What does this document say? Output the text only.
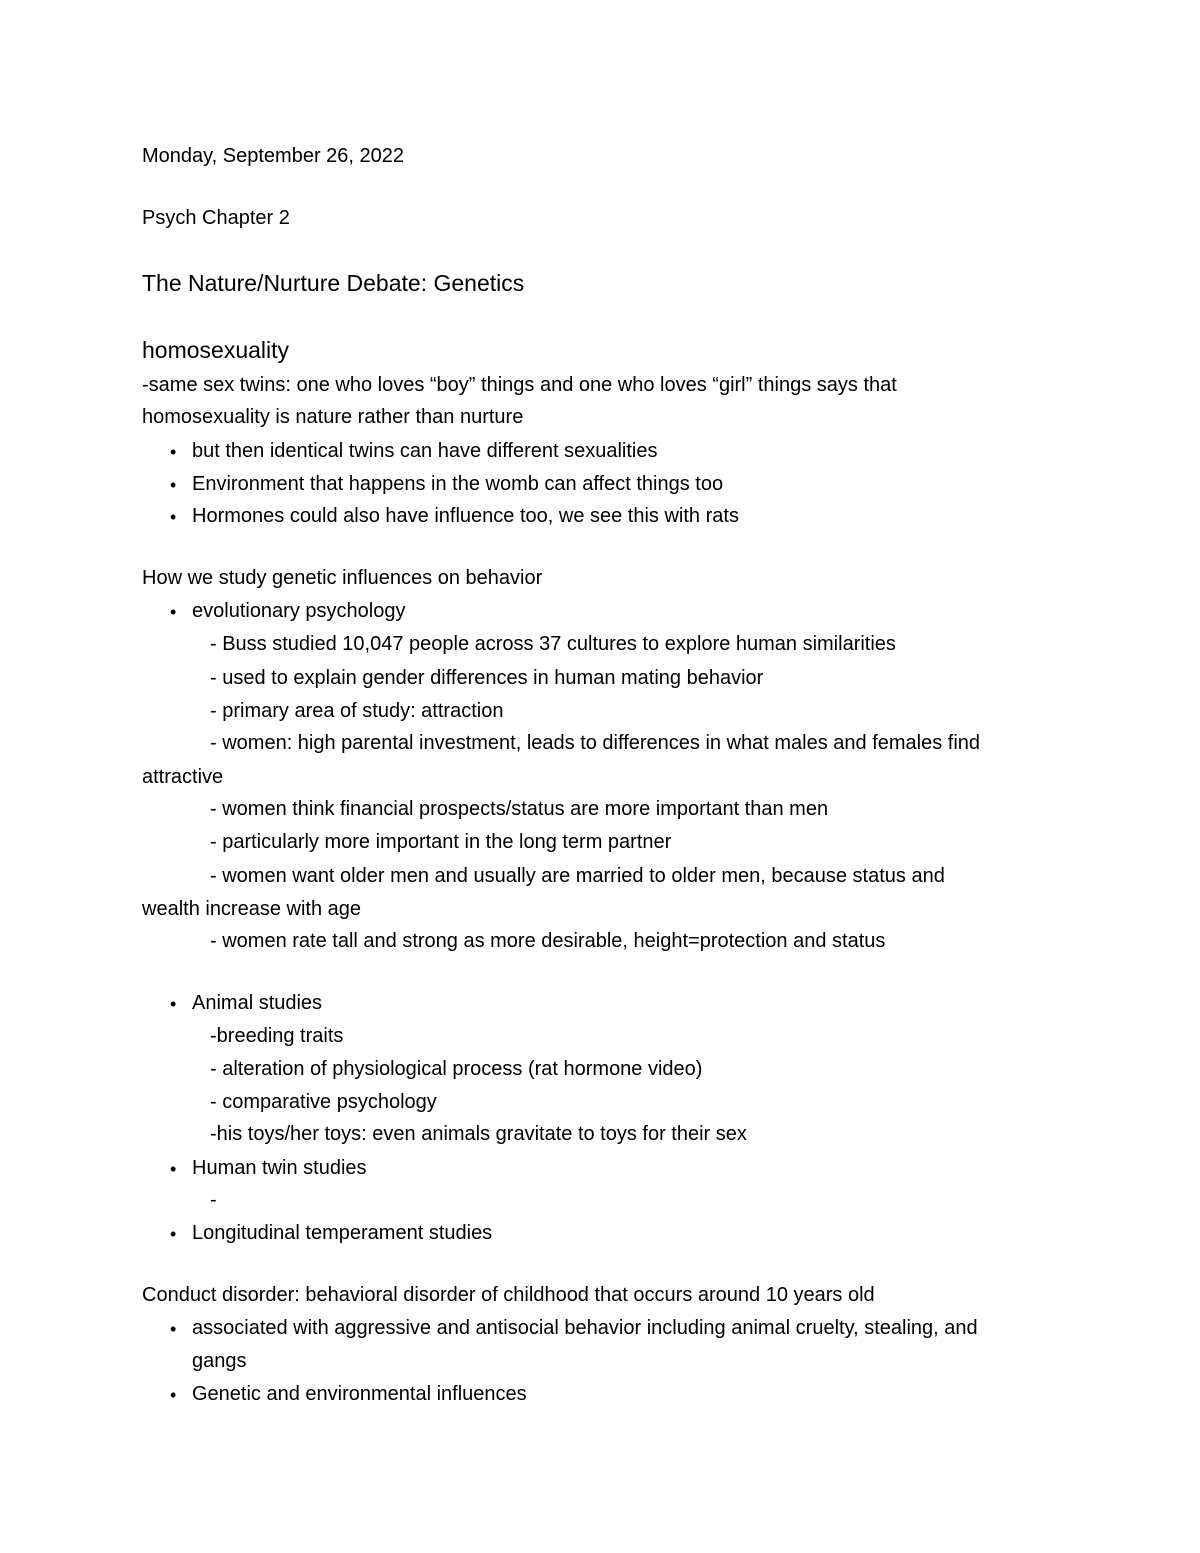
Monday, September 26, 2022
Psych Chapter 2
The Nature/Nurture Debate: Genetics
homosexuality
-same sex twins: one who loves “boy” things and one who loves “girl” things says that
homosexuality is nature rather than nurture
• but then identical twins can have different sexualities
• Environment that happens in the womb can affect things too
• Hormones could also have influence too, we see this with rats
How we study genetic influences on behavior
• evolutionary psychology
- Buss studied 10,047 people across 37 cultures to explore human similarities
- used to explain gender differences in human mating behavior
- primary area of study: attraction
- women: high parental investment, leads to differences in what males and females find
attractive
- women think financial prospects/status are more important than men
- particularly more important in the long term partner
- women want older men and usually are married to older men, because status and
wealth increase with age
- women rate tall and strong as more desirable, height=protection and status
• Animal studies
-breeding traits
- alteration of physiological process (rat hormone video)
- comparative psychology
-his toys/her toys: even animals gravitate to toys for their sex
• Human twin studies
-
• Longitudinal temperament studies
Conduct disorder: behavioral disorder of childhood that occurs around 10 years old
• associated with aggressive and antisocial behavior including animal cruelty, stealing, and
gangs
• Genetic and environmental influences
